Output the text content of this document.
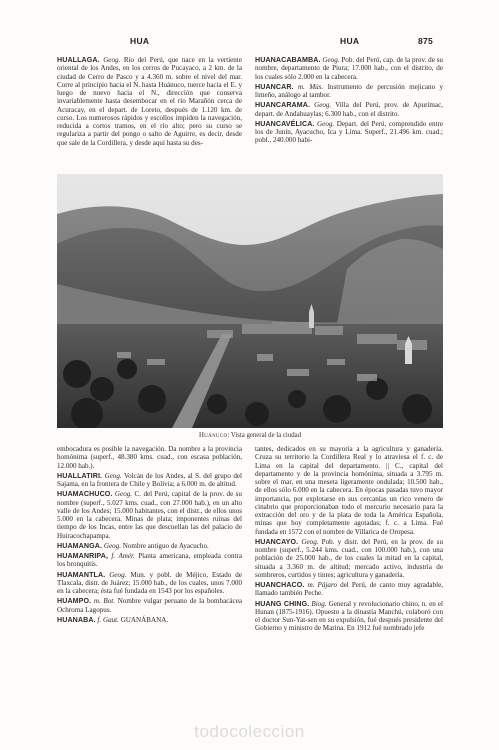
HUA	HUA	875

HUALLAGA. Geog. Río del Perú, que nace en la vertiente oriental de los Andes, en los cerros de Pucayaco, a 2 km. de la ciudad de Cerro de Pasco y a 4.360 m. sobre el nivel del mar. Corre al principio hacia el N. hasta Huánuco, tuerce hacia el E. y luego de nuevo hacia el N., dirección que conserva invariablemente hasta desembocar en el río Marañón cerca de Acuracay, en el depart. de Loreto, después de 1.120 km. de curso. Los numerosos rápidos y escollos impiden la navegación, reducida a cortos tramos, en el río alto; pero su curso se regulariza a partir del pongo o salto de Aguirre, es decir, desde que sale de la Cordillera, y desde aquí hasta su des-

HUANACABAMBA. Geog. Pob. del Perú, cap. de la prov. de su nombre, departamento de Piura; 17.000 hab., con el distrito, de los cuales sólo 2.000 en la cabecera.

HUANCAR. m. Mús. Instrumento de percusión mejicano y limeño, análogo al tambor.

HUANCARAMA. Geog. Villa del Perú, prov. de Apurímac, depart. de Andahuaylas; 6.300 hab., con el distrito.

HUANCAVÉLICA. Geog. Depart. del Perú, comprendido entre los de Junín, Ayacucho, Ica y Lima. Superf., 21.496 km. cuad.; pobl., 240.000 habi-

Huánuco: Vista general de la ciudad

embocadura es posible la navegación. Da nombre a la provincia homónima (superf., 48.380 kms. cuad., con escasa población, 12.000 hab.).

HUALLATIRI. Geog. Volcán de los Andes, al S. del grupo del Sajama, en la frontera de Chile y Bolivia; a 6.000 m. de altitud.

HUAMACHUCO. Geog. C. del Perú, capital de la prov. de su nombre (superf., 5.027 kms. cuad., con 27.000 hab.), en un alto valle de los Andes; 15.000 habitantes, con el distr., de ellos unos 5.000 en la cabecera. Minas de plata; imponentes ruinas del tiempo de los Incas, entre las que descuellan las del palacio de Huiracochapampa.

HUAMANGA. Geog. Nombre antiguo de Ayacucho.

HUAMANRIPA, f. Amér. Planta americana, empleada contra los bronquitis.

HUAMANTLA. Geog. Mun. y pobl. de Méjico, Estado de Tlaxcala, distr. de Juárez; 15.000 hab., de los cuales, unos 7.000 en la cabecera; ésta fué fundada en 1543 por los españoles.

HUAMPO. m. Bot. Nombre vulgar peruano de la bombacácea Ochroma Lagopus.

HUANABA. f. Gaut. GUANÁBANA.

tantes, dedicados en su mayoría a la agricultura y ganadería. Cruza su territorio la Cordillera Real y lo atraviesa el f. c. de Lima en la capital del departamento. || C., capital del departamento y de la provincia homónima, situada a 3.795 m. sobre el mar, en una meseta ligeramente ondulada; 10.500 hab., de ellos sólo 6.000 en la cabecera. En épocas pasadas tuvo mayor importancia, por explotarse en sus cercanías un rico venero de cinabrio que proporcionaban todo el mercurio necesario para la extracción del oro y de la plata de toda la América Española, minas que hoy completamente agotadas; f. c. a Lima. Fué fundada en 1572 con el nombre de Villarica de Oropesa.

HUANCAYO. Geog. Pob. y distr. del Perú, en la prov. de su nombre (superf., 5.244 kms. cuad., con 100.000 hab.), con una población de 25.000 hab., de los cuales la mitad en la capital, situada a 3.360 m. de altitud; mercado activo, industria de sombreros, curtidos y tintes; agricultura y ganadería.

HUANCHACO. m. Pájaro del Perú, de canto muy agradable, llamado también Peche.

HUANG CHING. Biog. General y revolucionario chino, n. en el Hunan (1875-1916). Opuesto a la dinastía Manchú, colaboró con el doctor Sun-Yat-sen en su expulsión, fué después presidente del Gobierno y ministro de Marina. En 1912 fué nombrado jefe

todocoleccion
